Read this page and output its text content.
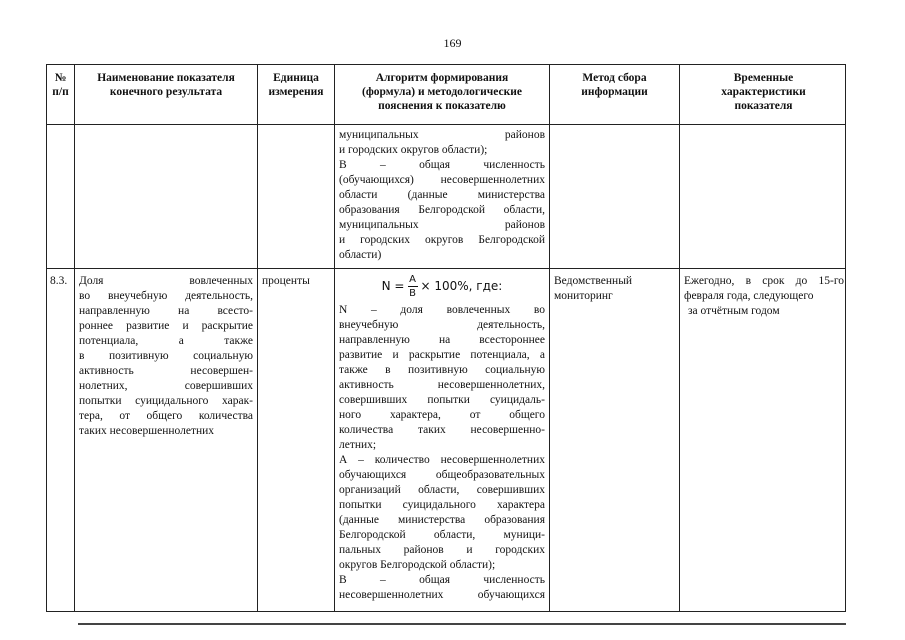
169
№
п/п
Наименование показателя
конечного результата
Единица
измерения
Алгоритм формирования
(формула) и методологические
пояснения к показателю
Метод сбора
информации
Временные
характеристики
показателя

муниципальных районов

и городских округов области);

В – общая численность

(обучающихся) несовершеннолетних

области (данные министерства

образования Белгородской области,

муниципальных районов

и городских округов Белгородской

области)

8.3.	Доля вовлеченных

во внеучебную деятельность,

направленную на всесто-

роннее развитие и раскрытие

потенциала, а также

в позитивную социальную

активность несовершен-

нолетних, совершивших

попытки суицидального харак-

тера, от общего количества

таких несовершеннолетних

проценты	$N = \frac{A}{B} \times 100\%$, где:

N – доля вовлеченных во

внеучебную деятельность,

направленную на всестороннее

развитие и раскрытие потенциала, а

также в позитивную социальную

активность несовершеннолетних,

совершивших попытки суицидаль-

ного характера, от общего

количества таких несовершенно-

летних;

А – количество несовершеннолетних

обучающихся общеобразовательных

организаций области, совершивших

попытки суицидального характера

(данные министерства образования

Белгородской области, муници-

пальных районов и городских

округов Белгородской области);

В – общая численность

несовершеннолетних обучающихся

Ведомственный
мониторинг

Ежегодно, в срок до 15-го

февраля года, следующего

за отчётным годом
